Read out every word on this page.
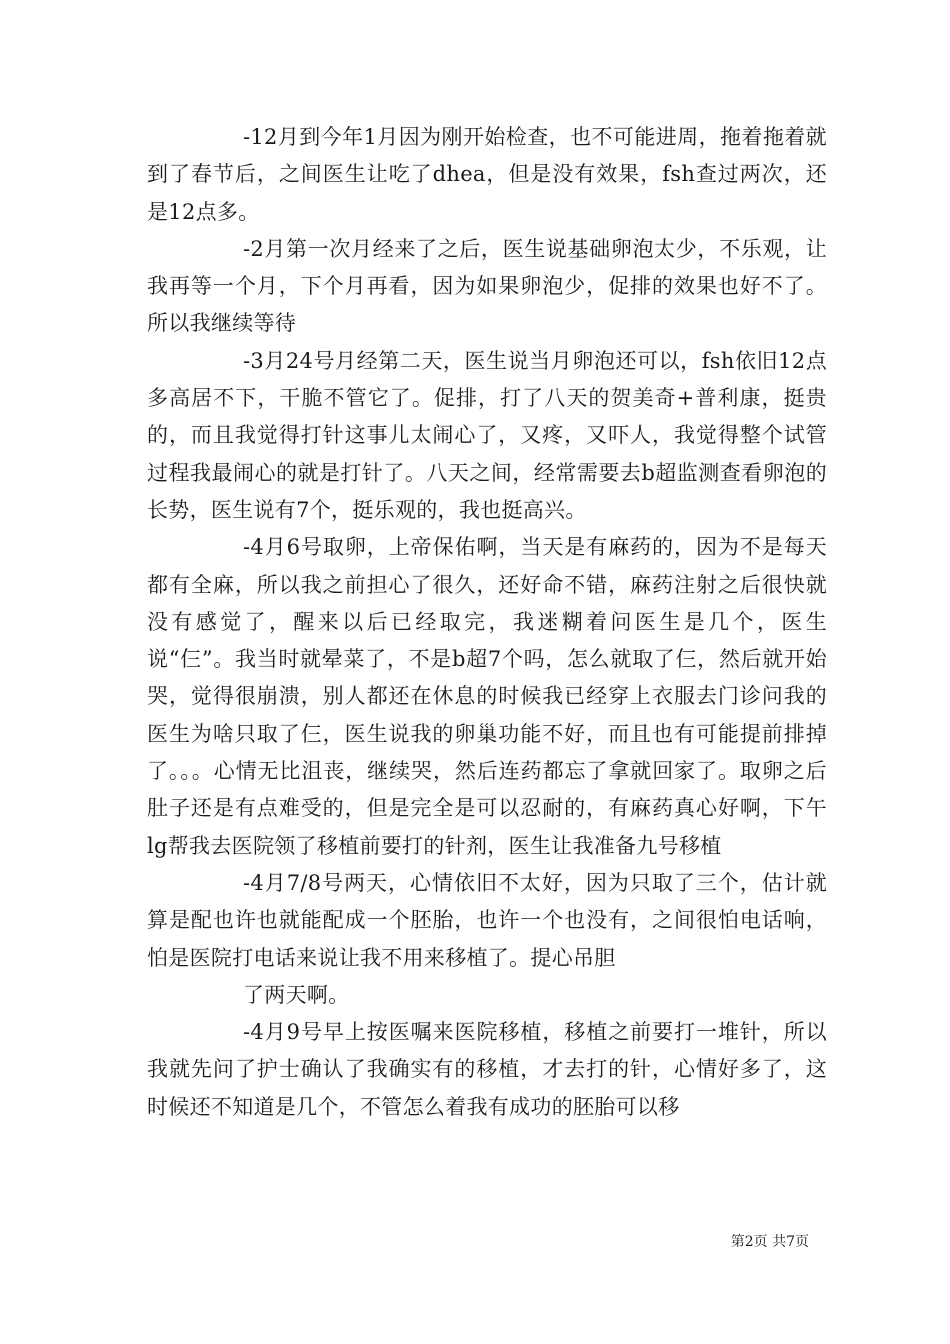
-12月到今年1月因为刚开始检查，也不可能进周，拖着拖着就到了春节后，之间医生让吃了dhea，但是没有效果，fsh查过两次，还是12点多。

-2月第一次月经来了之后，医生说基础卵泡太少，不乐观，让我再等一个月，下个月再看，因为如果卵泡少，促排的效果也好不了。所以我继续等待

-3月24号月经第二天，医生说当月卵泡还可以，fsh依旧12点多高居不下，干脆不管它了。促排，打了八天的贺美奇+普利康，挺贵的，而且我觉得打针这事儿太闹心了，又疼，又吓人，我觉得整个试管过程我最闹心的就是打针了。八天之间，经常需要去b超监测查看卵泡的长势，医生说有7个，挺乐观的，我也挺高兴。

-4月6号取卵，上帝保佑啊，当天是有麻药的，因为不是每天都有全麻，所以我之前担心了很久，还好命不错，麻药注射之后很快就没有感觉了，醒来以后已经取完，我迷糊着问医生是几个，医生说“仨”。我当时就晕菜了，不是b超7个吗，怎么就取了仨，然后就开始哭，觉得很崩溃，别人都还在休息的时候我已经穿上衣服去门诊问我的医生为啥只取了仨，医生说我的卵巢功能不好，而且也有可能提前排掉了。。。心情无比沮丧，继续哭，然后连药都忘了拿就回家了。取卵之后肚子还是有点难受的，但是完全是可以忍耐的，有麻药真心好啊，下午lg帮我去医院领了移植前要打的针剂，医生让我准备九号移植

-4月7/8号两天，心情依旧不太好，因为只取了三个，估计就算是配也许也就能配成一个胚胎，也许一个也没有，之间很怕电话响，怕是医院打电话来说让我不用来移植了。提心吊胆

了两天啊。

-4月9号早上按医嘱来医院移植，移植之前要打一堆针，所以我就先问了护士确认了我确实有的移植，才去打的针，心情好多了，这时候还不知道是几个，不管怎么着我有成功的胚胎可以移

第2页 共7页
